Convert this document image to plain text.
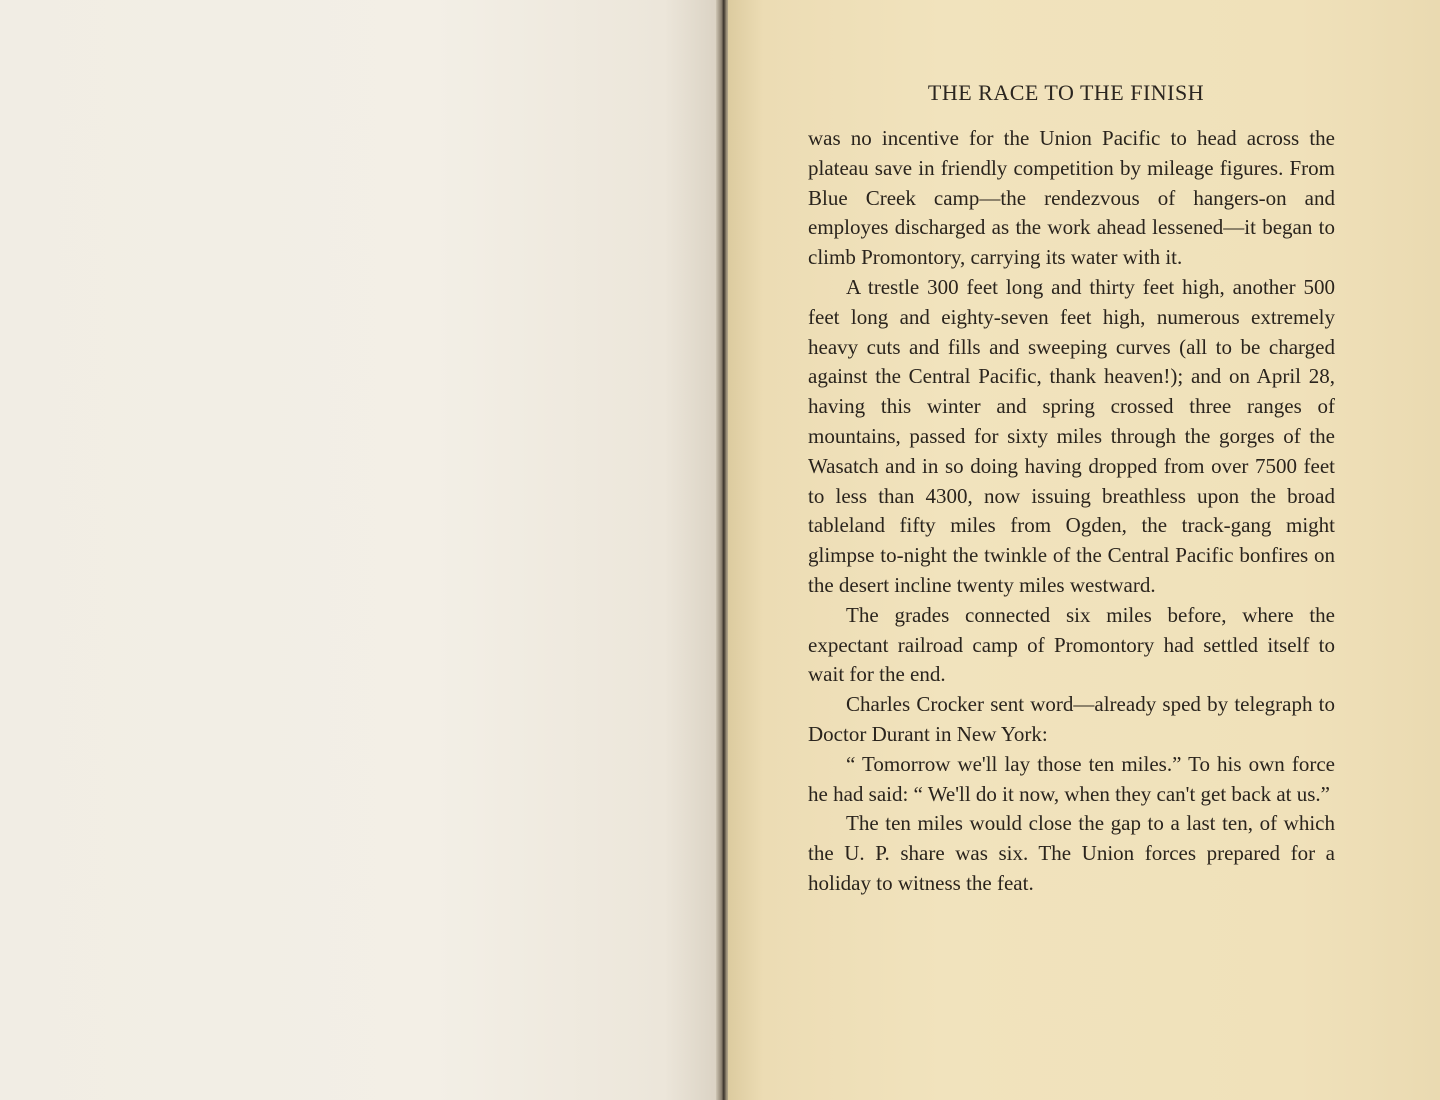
THE RACE TO THE FINISH

was no incentive for the Union Pacific to head across the plateau save in friendly competition by mileage figures. From Blue Creek camp—the rendezvous of hangers-on and employes discharged as the work ahead lessened—it began to climb Promontory, carrying its water with it.

A trestle 300 feet long and thirty feet high, another 500 feet long and eighty-seven feet high, numerous extremely heavy cuts and fills and sweeping curves (all to be charged against the Central Pacific, thank heaven!); and on April 28, having this winter and spring crossed three ranges of mountains, passed for sixty miles through the gorges of the Wasatch and in so doing having dropped from over 7500 feet to less than 4300, now issuing breathless upon the broad tableland fifty miles from Ogden, the track-gang might glimpse to-night the twinkle of the Central Pacific bonfires on the desert incline twenty miles westward.

The grades connected six miles before, where the expectant railroad camp of Promontory had settled itself to wait for the end.

Charles Crocker sent word—already sped by telegraph to Doctor Durant in New York:

“ Tomorrow we'll lay those ten miles.” To his own force he had said: “ We'll do it now, when they can't get back at us.”

The ten miles would close the gap to a last ten, of which the U. P. share was six. The Union forces prepared for a holiday to witness the feat.
